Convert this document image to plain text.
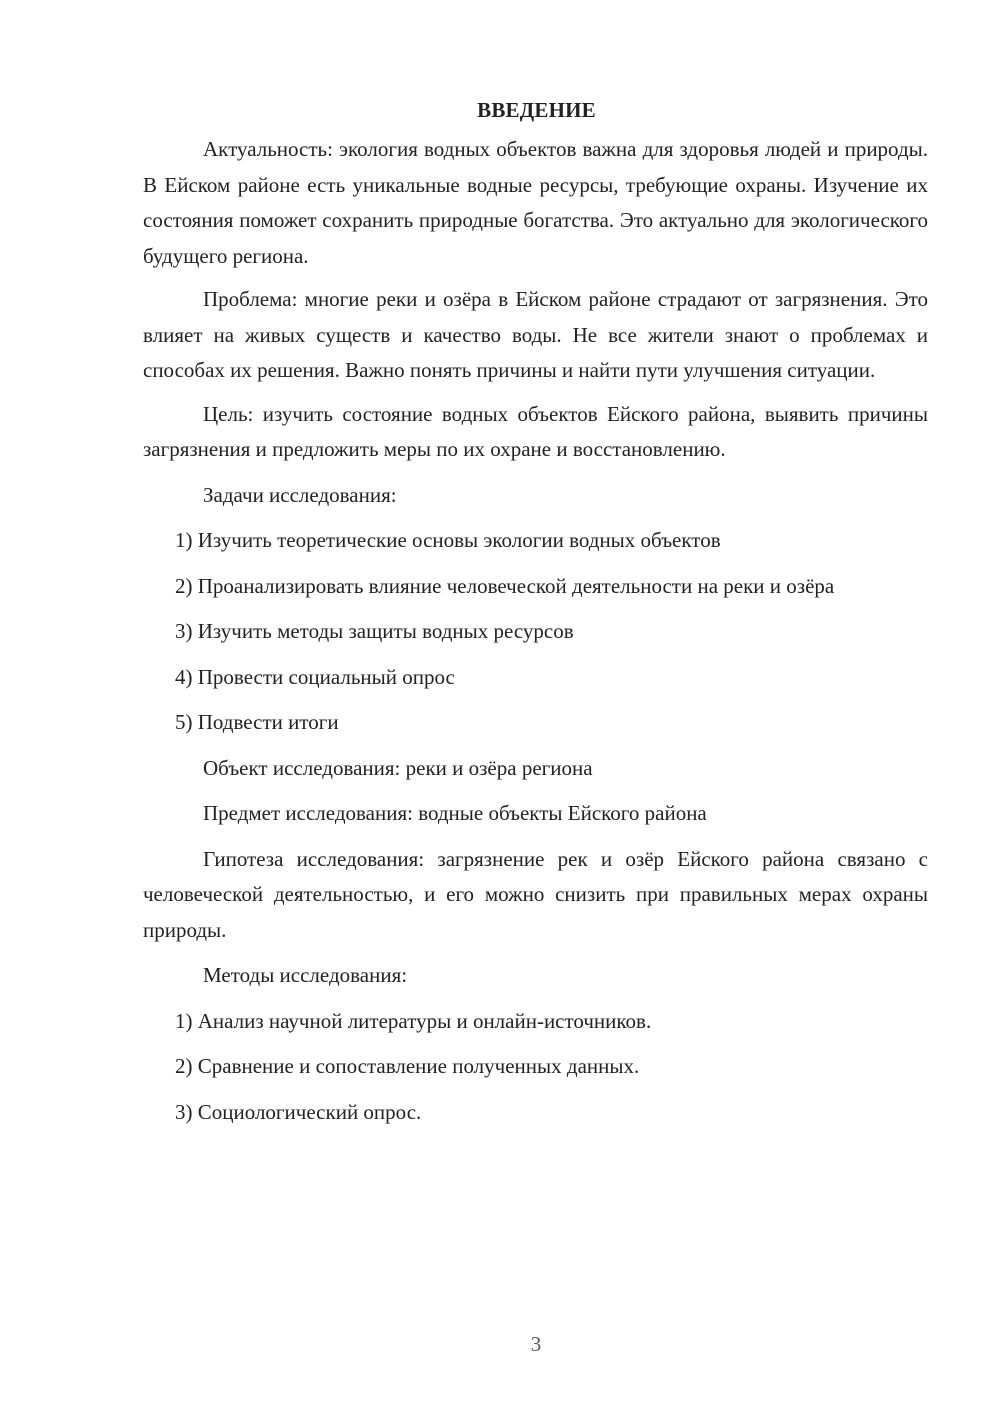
ВВЕДЕНИЕ

Актуальность: экология водных объектов важна для здоровья людей и природы. В Ейском районе есть уникальные водные ресурсы, требующие охраны. Изучение их состояния поможет сохранить природные богатства. Это актуально для экологического будущего региона.

Проблема: многие реки и озёра в Ейском районе страдают от загрязнения. Это влияет на живых существ и качество воды. Не все жители знают о проблемах и способах их решения. Важно понять причины и найти пути улучшения ситуации.

Цель: изучить состояние водных объектов Ейского района, выявить причины загрязнения и предложить меры по их охране и восстановлению.

Задачи исследования:

1) Изучить теоретические основы экологии водных объектов

2) Проанализировать влияние человеческой деятельности на реки и озёра

3) Изучить методы защиты водных ресурсов

4) Провести социальный опрос

5) Подвести итоги

Объект исследования: реки и озёра региона

Предмет исследования: водные объекты Ейского района

Гипотеза исследования: загрязнение рек и озёр Ейского района связано с человеческой деятельностью, и его можно снизить при правильных мерах охраны природы.

Методы исследования:

1) Анализ научной литературы и онлайн-источников.

2) Сравнение и сопоставление полученных данных.

3) Социологический опрос.

3
